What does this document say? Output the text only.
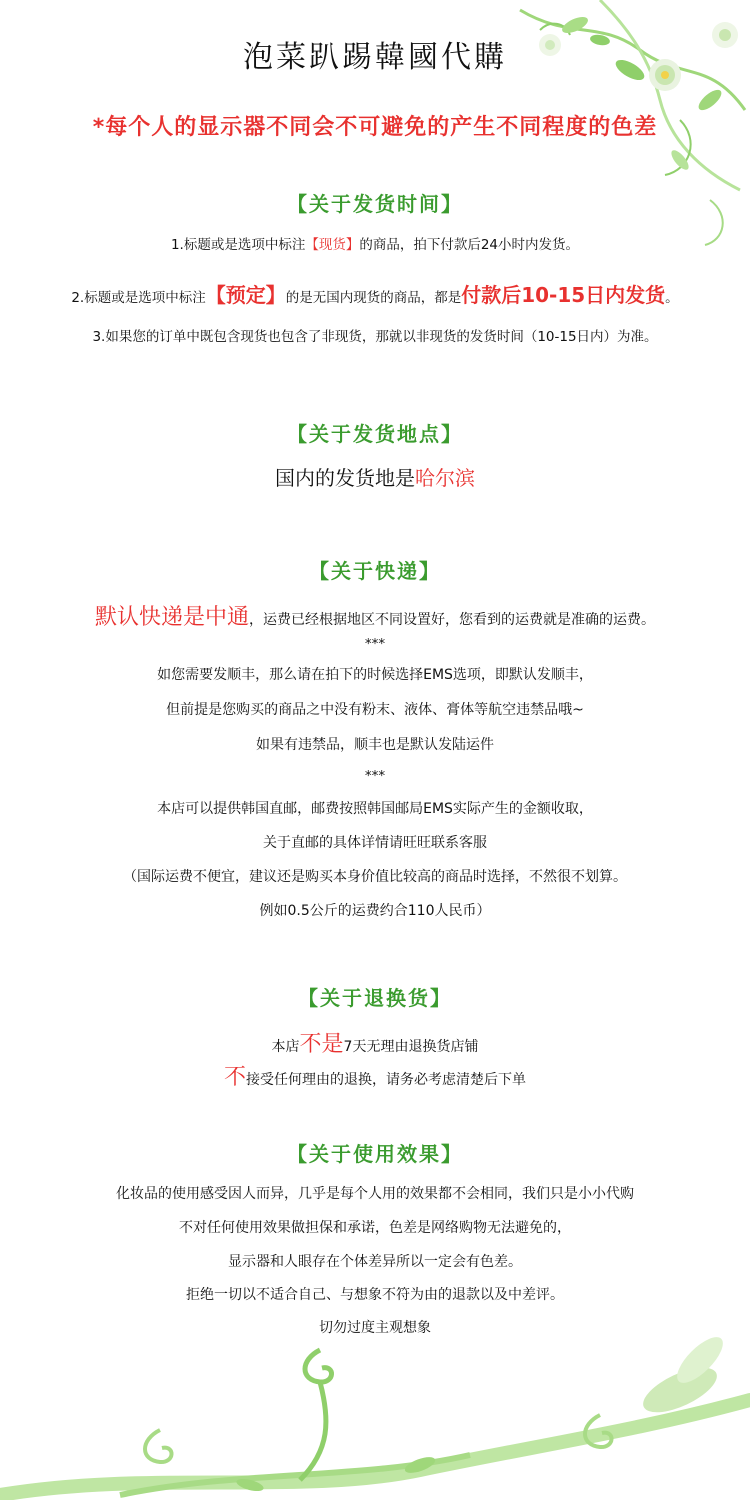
泡菜趴踢韓國代購
*每个人的显示器不同会不可避免的产生不同程度的色差
【关于发货时间】
1.标题或是选项中标注【现货】的商品，拍下付款后24小时内发货。
2.标题或是选项中标注【预定】的是无国内现货的商品，都是付款后10-15日内发货。
3.如果您的订单中既包含现货也包含了非现货，那就以非现货的发货时间（10-15日内）为准。
【关于发货地点】
国内的发货地是哈尔滨
【关于快递】
默认快递是中通，运费已经根据地区不同设置好，您看到的运费就是准确的运费。
***
如您需要发顺丰，那么请在拍下的时候选择EMS选项，即默认发顺丰，
但前提是您购买的商品之中没有粉末、液体、膏体等航空违禁品哦~
如果有违禁品，顺丰也是默认发陆运件
***
本店可以提供韩国直邮，邮费按照韩国邮局EMS实际产生的金额收取，
关于直邮的具体详情请旺旺联系客服
（国际运费不便宜，建议还是购买本身价值比较高的商品时选择，不然很不划算。
例如0.5公斤的运费约合110人民币）
【关于退换货】
本店不是7天无理由退换货店铺
不接受任何理由的退换，请务必考虑清楚后下单
【关于使用效果】
化妆品的使用感受因人而异，几乎是每个人用的效果都不会相同，我们只是小小代购
不对任何使用效果做担保和承诺，色差是网络购物无法避免的，
显示器和人眼存在个体差异所以一定会有色差。
拒绝一切以不适合自己、与想象不符为由的退款以及中差评。
切勿过度主观想象
